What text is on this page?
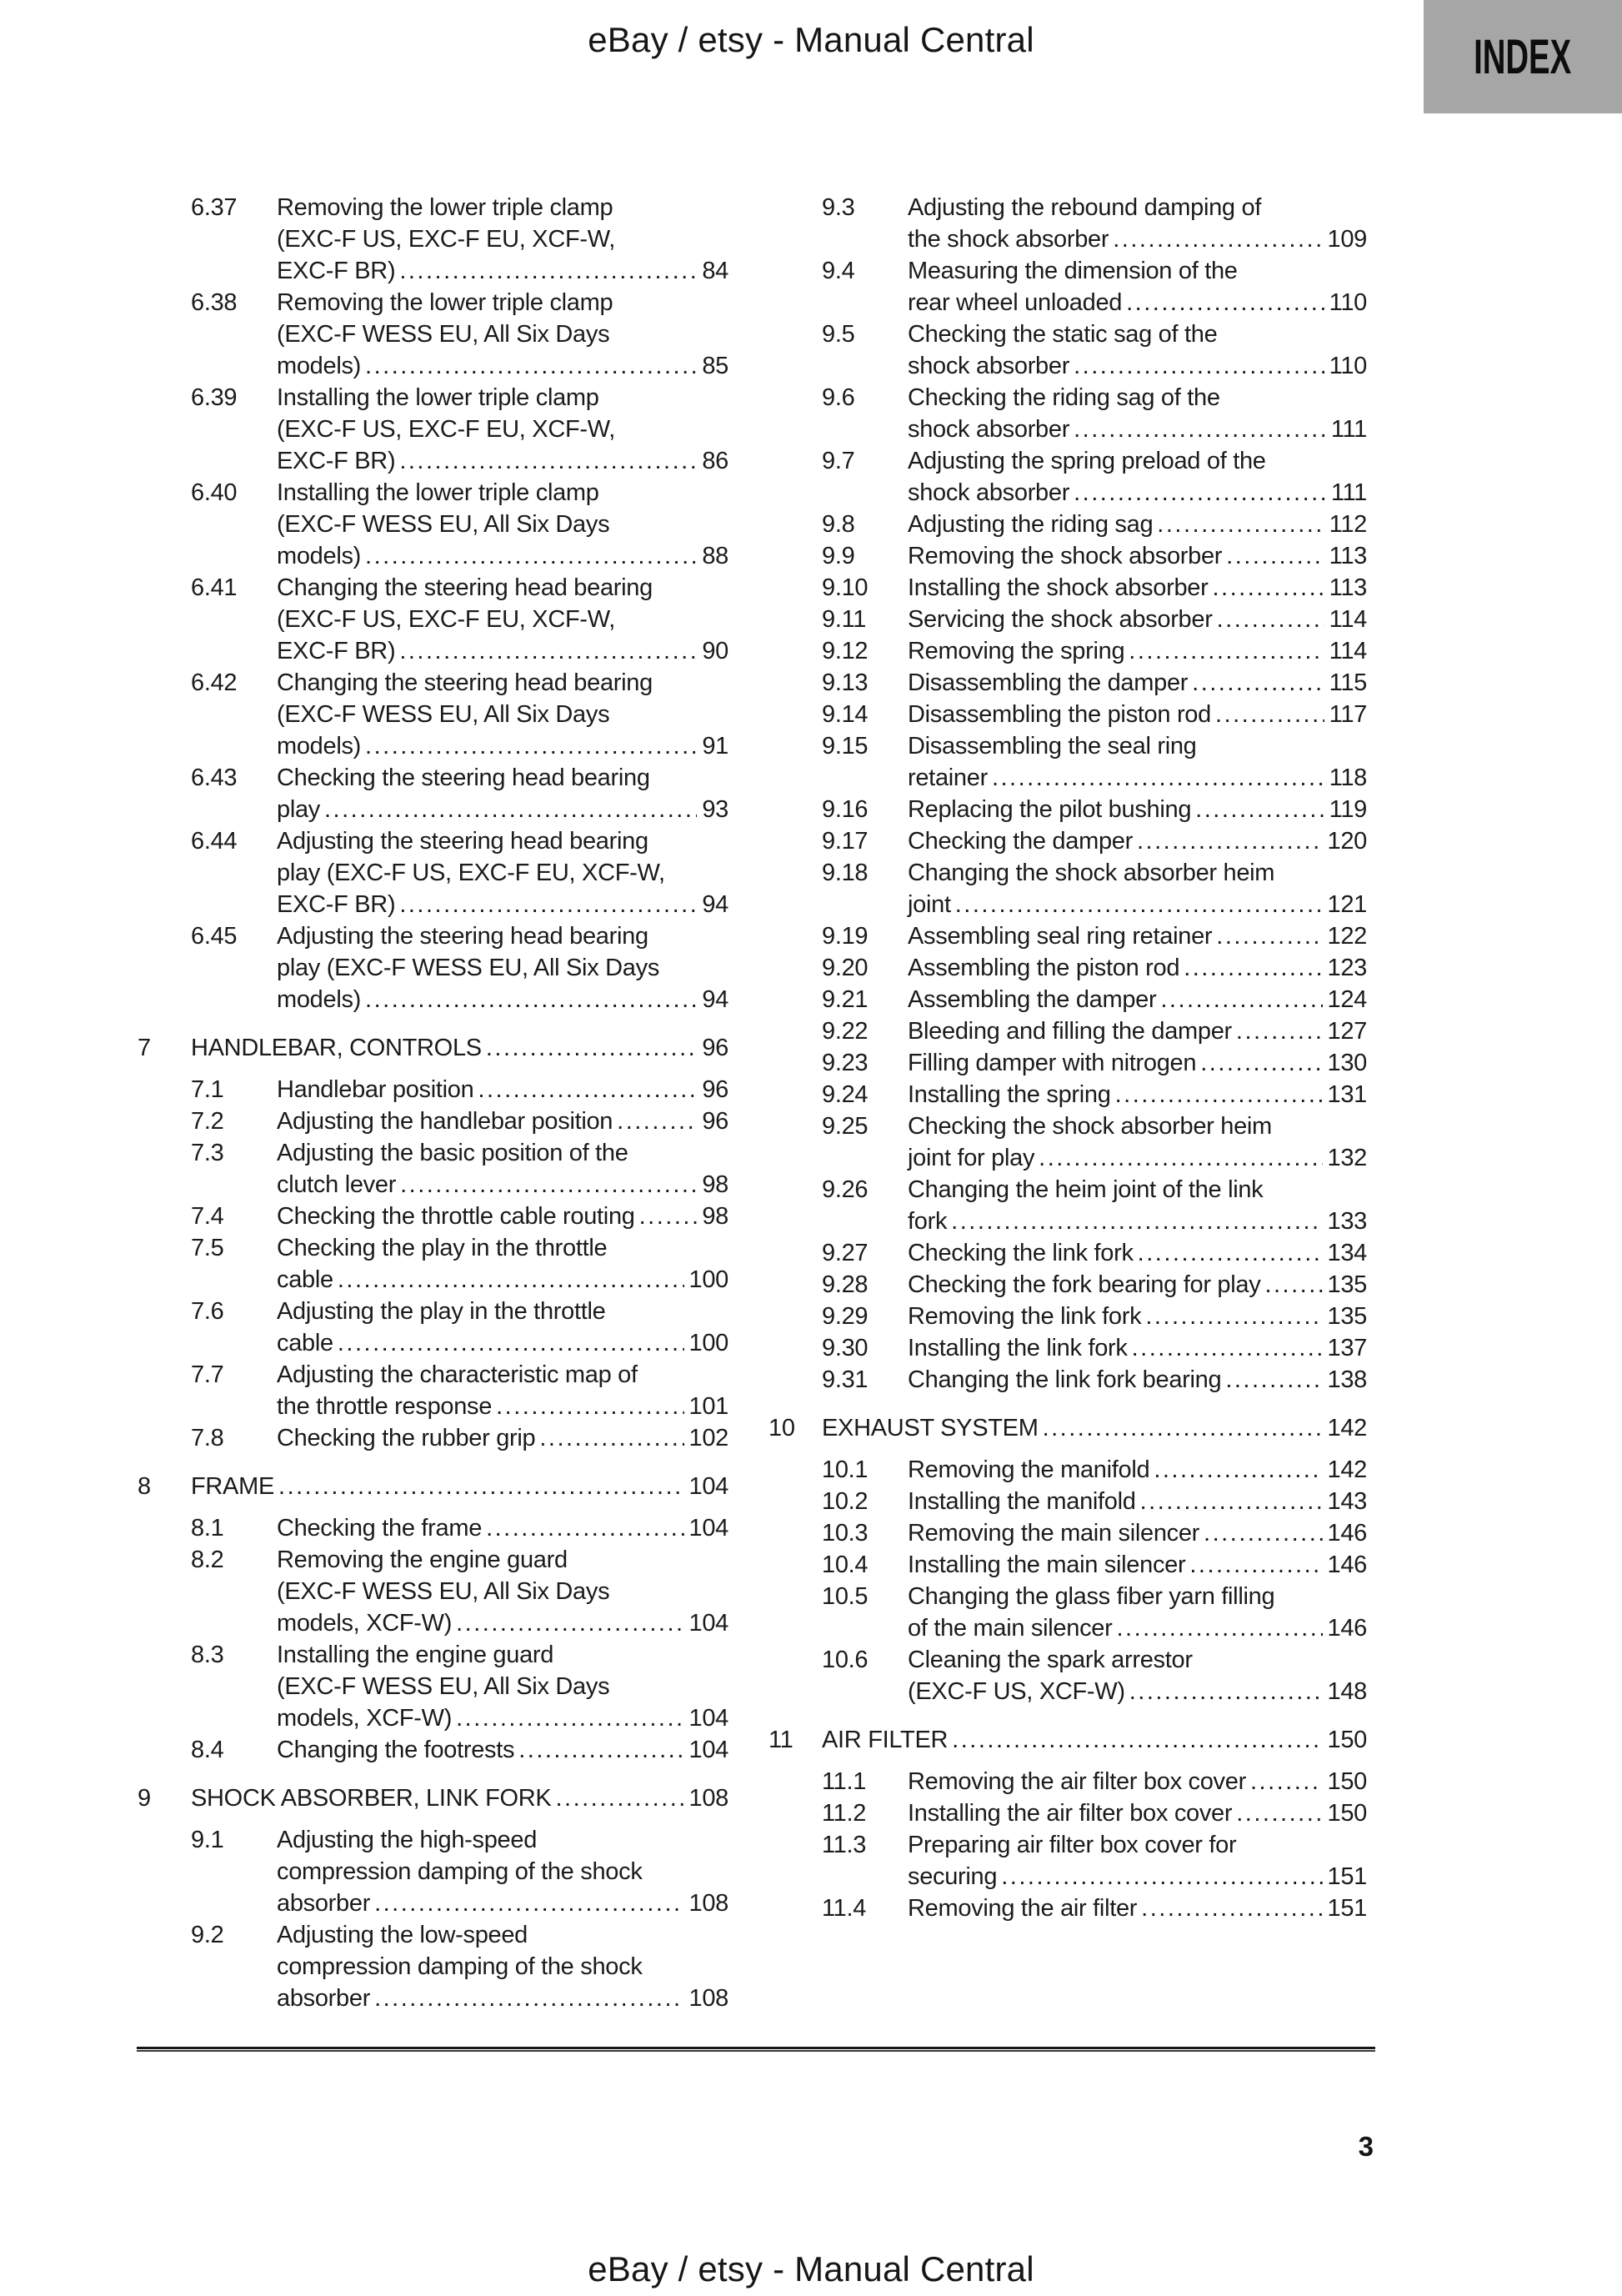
eBay / etsy - Manual Central	INDEX
6.37	Removing the lower triple clamp
(EXC-F US, EXC-F EU, XCF-W,
EXC-F BR) .....	84
6.38	Removing the lower triple clamp
(EXC-F WESS EU, All Six Days
models) .....	85
6.39	Installing the lower triple clamp
(EXC-F US, EXC-F EU, XCF-W,
EXC-F BR) .....	86
6.40	Installing the lower triple clamp
(EXC-F WESS EU, All Six Days
models) .....	88
6.41	Changing the steering head bearing
(EXC-F US, EXC-F EU, XCF-W,
EXC-F BR) .....	90
6.42	Changing the steering head bearing
(EXC-F WESS EU, All Six Days
models) .....	91
6.43	Checking the steering head bearing
play .....	93
6.44	Adjusting the steering head bearing
play (EXC-F US, EXC-F EU, XCF-W,
EXC-F BR) .....	94
6.45	Adjusting the steering head bearing
play (EXC-F WESS EU, All Six Days
models) .....	94
7	HANDLEBAR, CONTROLS .....	96
7.1	Handlebar position .....	96
7.2	Adjusting the handlebar position .....	96
7.3	Adjusting the basic position of the
clutch lever .....	98
7.4	Checking the throttle cable routing .....	98
7.5	Checking the play in the throttle
cable .....	100
7.6	Adjusting the play in the throttle
cable .....	100
7.7	Adjusting the characteristic map of
the throttle response .....	101
7.8	Checking the rubber grip .....	102
8	FRAME .....	104
8.1	Checking the frame .....	104
8.2	Removing the engine guard
(EXC-F WESS EU, All Six Days
models, XCF-W) .....	104
8.3	Installing the engine guard
(EXC-F WESS EU, All Six Days
models, XCF-W) .....	104
8.4	Changing the footrests .....	104
9	SHOCK ABSORBER, LINK FORK .....	108
9.1	Adjusting the high-speed
compression damping of the shock
absorber .....	108
9.2	Adjusting the low-speed
compression damping of the shock
absorber .....	108
9.3	Adjusting the rebound damping of
the shock absorber .....	109
9.4	Measuring the dimension of the
rear wheel unloaded .....	110
9.5	Checking the static sag of the
shock absorber .....	110
9.6	Checking the riding sag of the
shock absorber .....	111
9.7	Adjusting the spring preload of the
shock absorber .....	111
9.8	Adjusting the riding sag .....	112
9.9	Removing the shock absorber .....	113
9.10	Installing the shock absorber .....	113
9.11	Servicing the shock absorber .....	114
9.12	Removing the spring .....	114
9.13	Disassembling the damper .....	115
9.14	Disassembling the piston rod .....	117
9.15	Disassembling the seal ring
retainer .....	118
9.16	Replacing the pilot bushing .....	119
9.17	Checking the damper .....	120
9.18	Changing the shock absorber heim
joint .....	121
9.19	Assembling seal ring retainer .....	122
9.20	Assembling the piston rod .....	123
9.21	Assembling the damper .....	124
9.22	Bleeding and filling the damper .....	127
9.23	Filling damper with nitrogen .....	130
9.24	Installing the spring .....	131
9.25	Checking the shock absorber heim
joint for play .....	132
9.26	Changing the heim joint of the link
fork .....	133
9.27	Checking the link fork .....	134
9.28	Checking the fork bearing for play .....	135
9.29	Removing the link fork .....	135
9.30	Installing the link fork .....	137
9.31	Changing the link fork bearing .....	138
10	EXHAUST SYSTEM .....	142
10.1	Removing the manifold .....	142
10.2	Installing the manifold .....	143
10.3	Removing the main silencer .....	146
10.4	Installing the main silencer .....	146
10.5	Changing the glass fiber yarn filling
of the main silencer .....	146
10.6	Cleaning the spark arrestor
(EXC-F US, XCF-W) .....	148
11	AIR FILTER .....	150
11.1	Removing the air filter box cover .....	150
11.2	Installing the air filter box cover .....	150
11.3	Preparing air filter box cover for
securing .....	151
11.4	Removing the air filter .....	151
3
eBay / etsy - Manual Central
